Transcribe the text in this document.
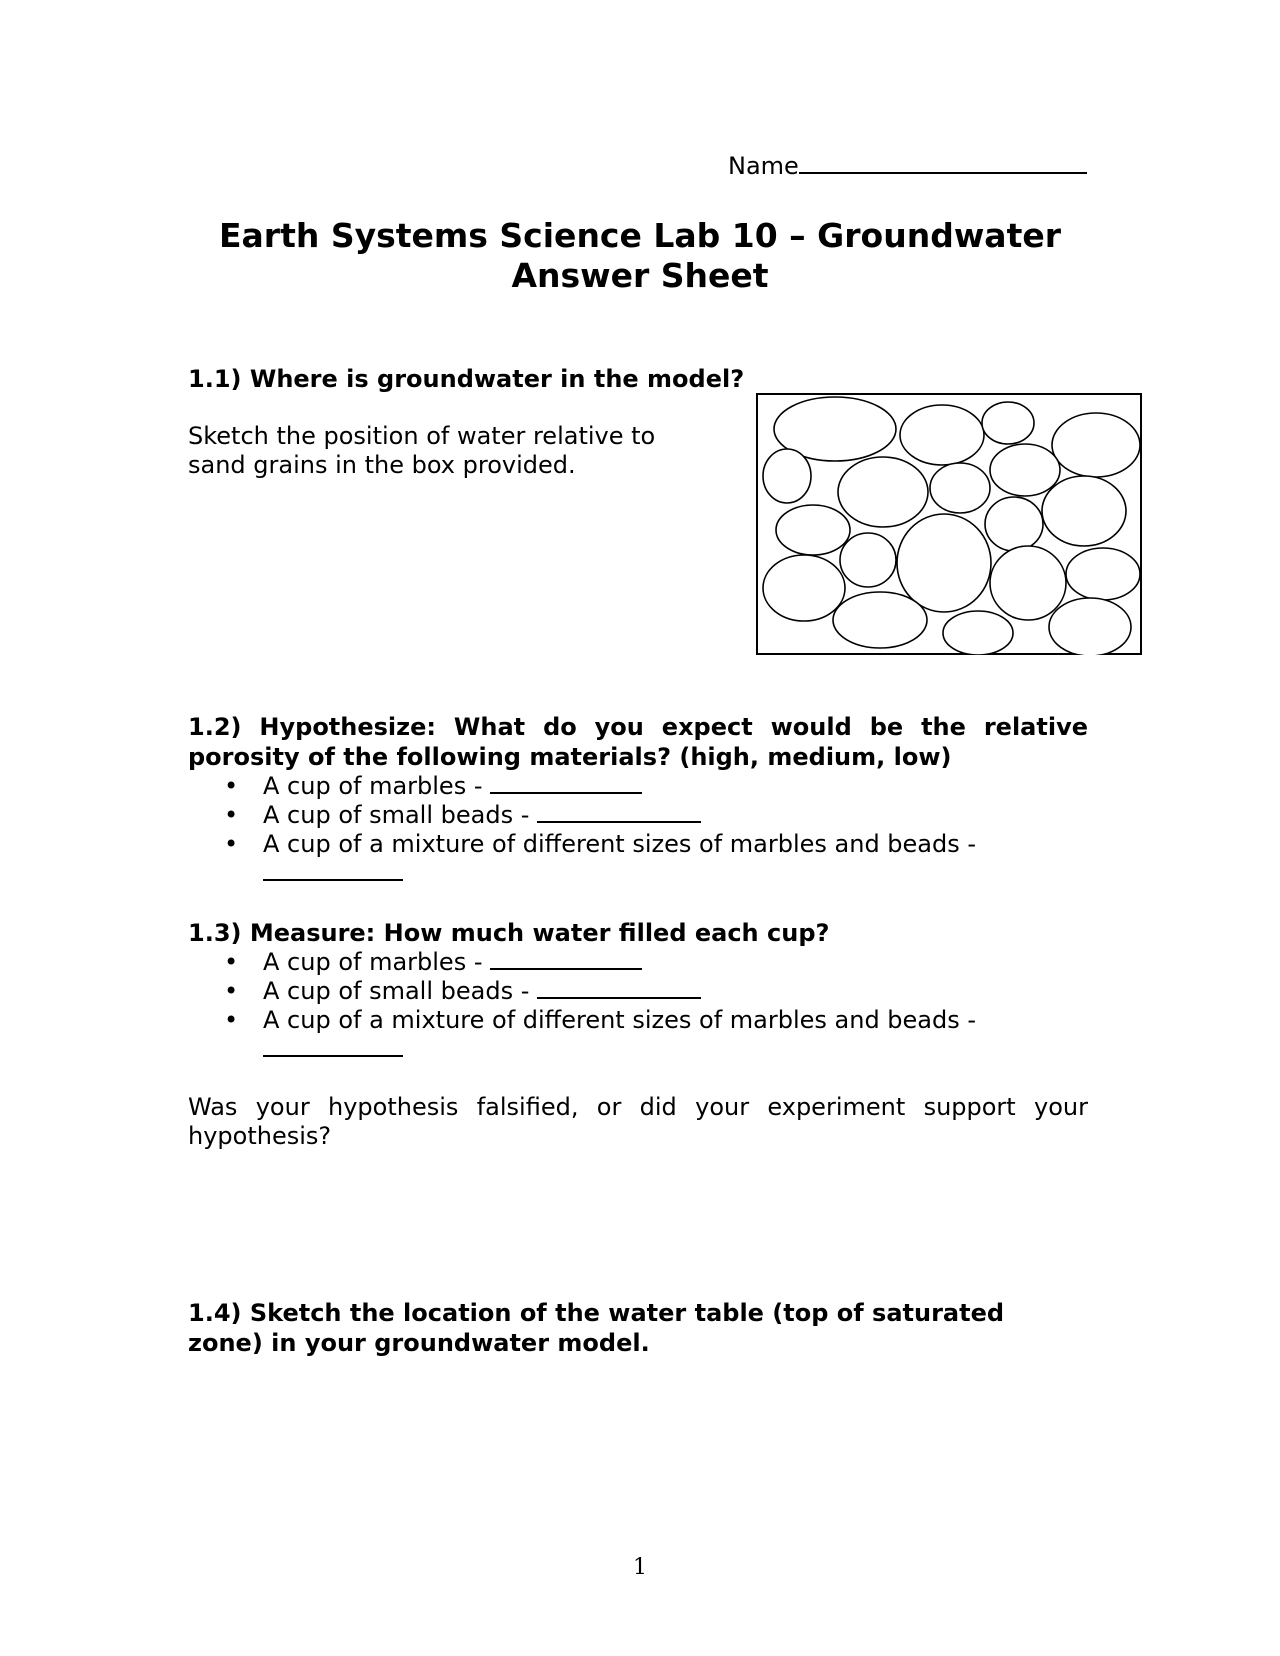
Name
Earth Systems Science Lab 10 – Groundwater
Answer Sheet
1.1) Where is groundwater in the model?
Sketch the position of water relative to
sand grains in the box provided.
1.2) Hypothesize: What do you expect would be the relative
porosity of the following materials? (high, medium, low)
• A cup of marbles -
• A cup of small beads -
• A cup of a mixture of different sizes of marbles and beads -
1.3) Measure: How much water filled each cup?
• A cup of marbles -
• A cup of small beads -
• A cup of a mixture of different sizes of marbles and beads -
Was your hypothesis falsified, or did your experiment support your
hypothesis?
1.4) Sketch the location of the water table (top of saturated
zone) in your groundwater model.
1
